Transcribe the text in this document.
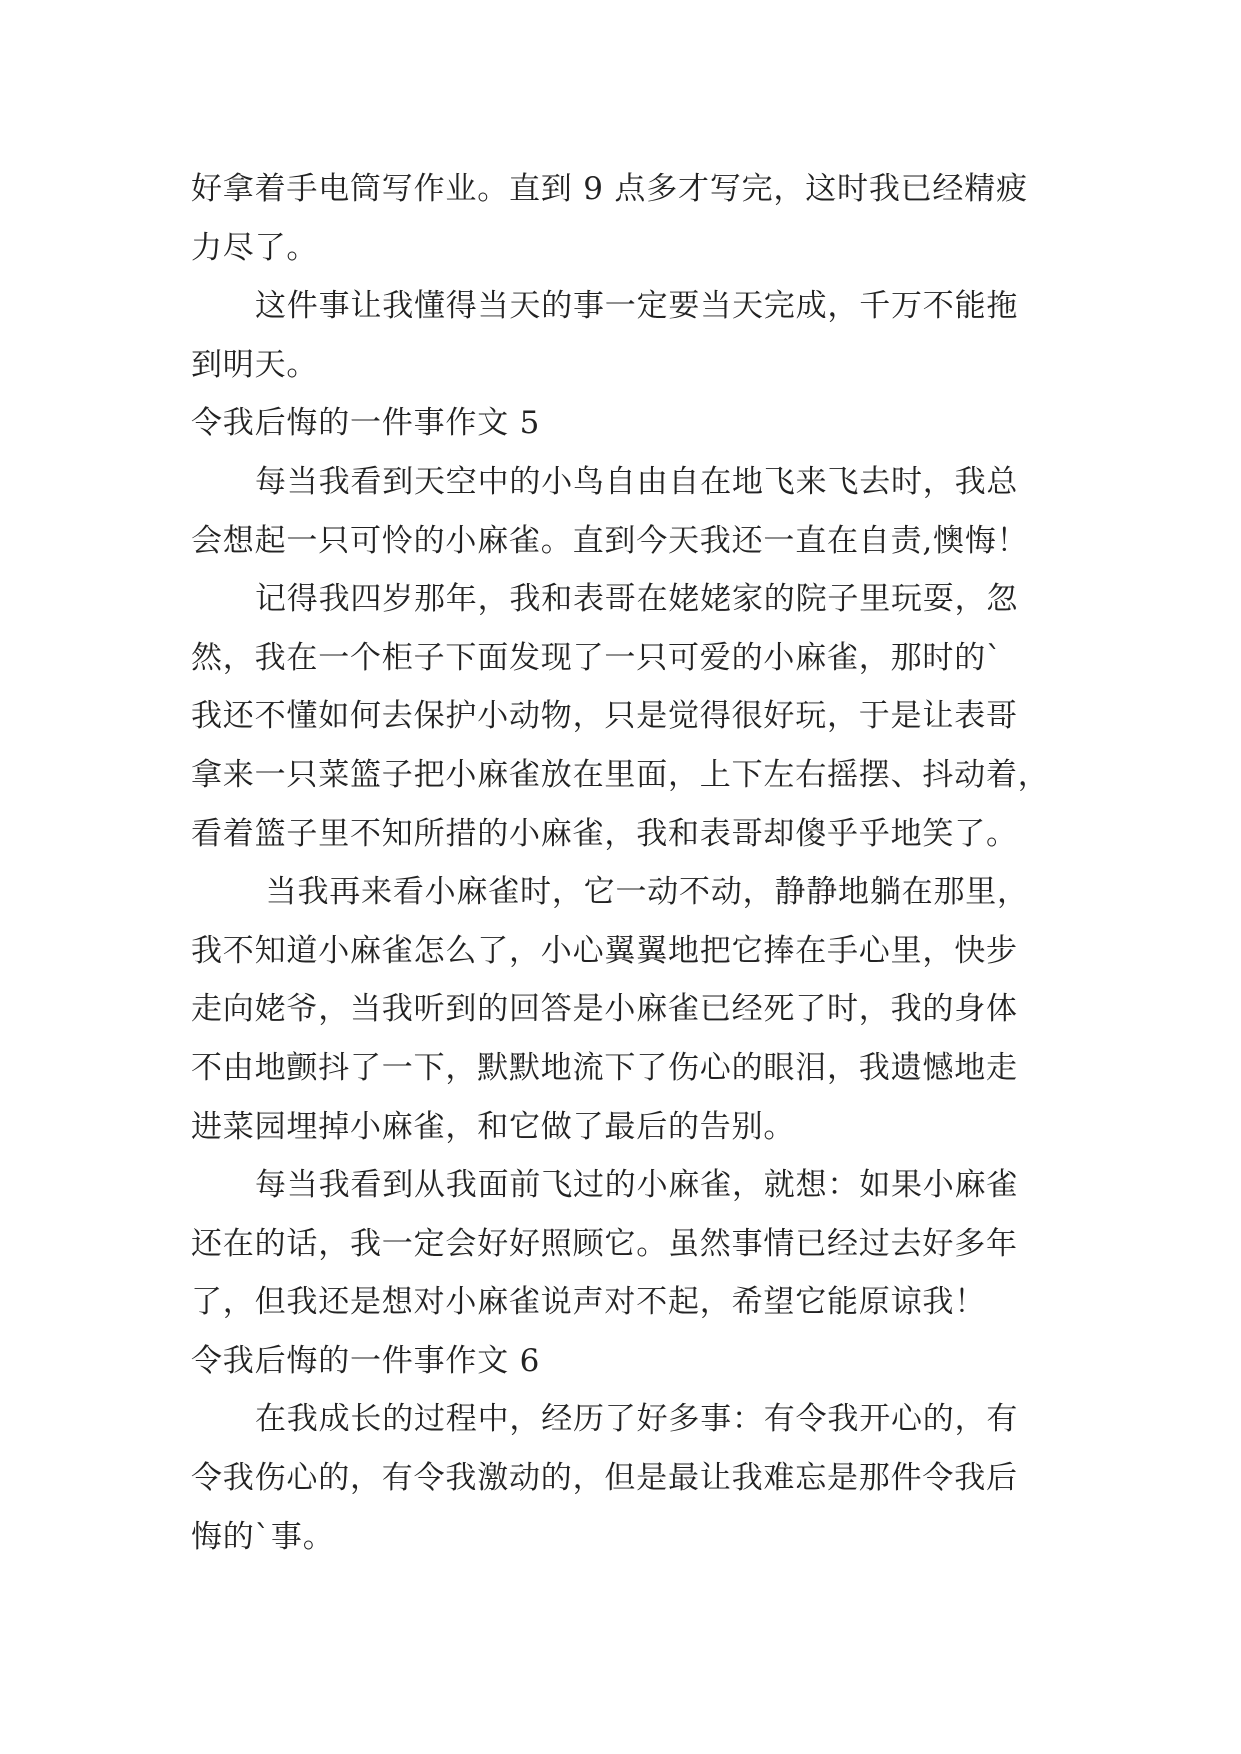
好拿着手电筒写作业。直到 9 点多才写完，这时我已经精疲
力尽了。
这件事让我懂得当天的事一定要当天完成，千万不能拖
到明天。
令我后悔的一件事作文 5
每当我看到天空中的小鸟自由自在地飞来飞去时，我总
会想起一只可怜的小麻雀。直到今天我还一直在自责,懊悔！
记得我四岁那年，我和表哥在姥姥家的院子里玩耍，忽
然，我在一个柜子下面发现了一只可爱的小麻雀，那时的`
我还不懂如何去保护小动物，只是觉得很好玩，于是让表哥
拿来一只菜篮子把小麻雀放在里面，上下左右摇摆、抖动着，
看着篮子里不知所措的小麻雀，我和表哥却傻乎乎地笑了。
当我再来看小麻雀时，它一动不动，静静地躺在那里，
我不知道小麻雀怎么了，小心翼翼地把它捧在手心里，快步
走向姥爷，当我听到的回答是小麻雀已经死了时，我的身体
不由地颤抖了一下，默默地流下了伤心的眼泪，我遗憾地走
进菜园埋掉小麻雀，和它做了最后的告别。
每当我看到从我面前飞过的小麻雀，就想：如果小麻雀
还在的话，我一定会好好照顾它。虽然事情已经过去好多年
了，但我还是想对小麻雀说声对不起，希望它能原谅我！
令我后悔的一件事作文 6
在我成长的过程中，经历了好多事：有令我开心的，有
令我伤心的，有令我激动的，但是最让我难忘是那件令我后
悔的`事。
